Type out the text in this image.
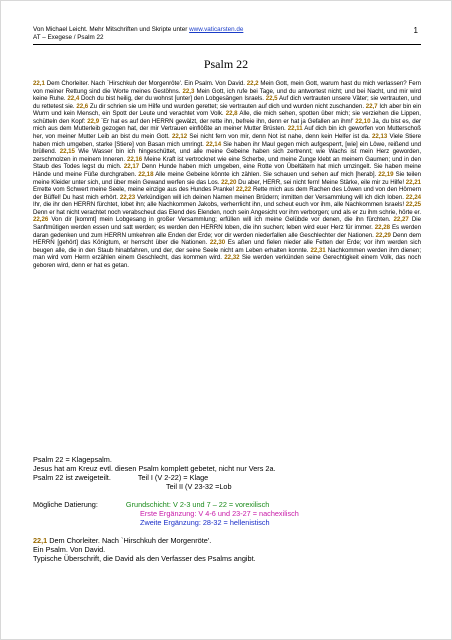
Von Michael Leicht. Mehr Mitschriften und Skripte unter www.vaticarsten.de
AT – Exegese / Psalm 22
1
Psalm 22
22,1 Dem Chorleiter. Nach `Hirschkuh der Morgenröte'. Ein Psalm. Von David. 22,2 Mein Gott, mein Gott, warum hast du mich verlassen? Fern von meiner Rettung sind die Worte meines Gestöhns. 22,3 Mein Gott, ich rufe bei Tage, und du antwortest nicht; und bei Nacht, und mir wird keine Ruhe. 22,4 Doch du bist heilig, der du wohnst [unter] den Lobgesängen Israels. 22,5 Auf dich vertrauten unsere Väter; sie vertrauten, und du rettetest sie. 22,6 Zu dir schrien sie um Hilfe und wurden gerettet; sie vertrauten auf dich und wurden nicht zuschanden. 22,7 Ich aber bin ein Wurm und kein Mensch, ein Spott der Leute und verachtet vom Volk. 22,8 Alle, die mich sehen, spotten über mich; sie verziehen die Lippen, schütteln den Kopf: 22,9 `Er hat es auf den HERRN gewälzt, der rette ihn, befreie ihn, denn er hat ja Gefallen an ihm!' 22,10 Ja, du bist es, der mich aus dem Mutterleib gezogen hat, der mir Vertrauen einflößte an meiner Mutter Brüsten. 22,11 Auf dich bin ich geworfen von Mutterschoß her, von meiner Mutter Leib an bist du mein Gott. 22,12 Sei nicht fern von mir, denn Not ist nahe, denn kein Helfer ist da. 22,13 Viele Stiere haben mich umgeben, starke [Stiere] von Basan mich umringt. 22,14 Sie haben ihr Maul gegen mich aufgesperrt, [wie] ein Löwe, reißend und brüllend. 22,15 Wie Wasser bin ich hingeschüttet, und alle meine Gebeine haben sich zertrennt; wie Wachs ist mein Herz geworden, zerschmolzen in meinem Inneren. 22,16 Meine Kraft ist vertrocknet wie eine Scherbe, und meine Zunge klebt an meinem Gaumen; und in den Staub des Todes legst du mich. 22,17 Denn Hunde haben mich umgeben, eine Rotte von Übeltätern hat mich umzingelt. Sie haben meine Hände und meine Füße durchgraben. 22,18 Alle meine Gebeine könnte ich zählen. Sie schauen und sehen auf mich [herab]. 22,19 Sie teilen meine Kleider unter sich, und über mein Gewand werfen sie das Los. 22,20 Du aber, HERR, sei nicht fern! Meine Stärke, eile mir zu Hilfe! 22,21 Errette vom Schwert meine Seele, meine einzige aus des Hundes Pranke! 22,22 Rette mich aus dem Rachen des Löwen und von den Hörnern der Büffel! Du hast mich erhört. 22,23 Verkündigen will ich deinen Namen meinen Brüdern; inmitten der Versammlung will ich dich loben. 22,24 Ihr, die ihr den HERRN fürchtet, lobet ihn; alle Nachkommen Jakobs, verherrlicht ihn, und scheut euch vor ihm, alle Nachkommen Israels! 22,25 Denn er hat nicht verachtet noch verabscheut das Elend des Elenden, noch sein Angesicht vor ihm verborgen; und als er zu ihm schrie, hörte er. 22,26 Von dir [kommt] mein Lobgesang in großer Versammlung; erfüllen will ich meine Gelübde vor denen, die ihn fürchten. 22,27 Die Sanftmütigen werden essen und satt werden; es werden den HERRN loben, die ihn suchen; leben wird euer Herz für immer. 22,28 Es werden daran gedenken und zum HERRN umkehren alle Enden der Erde; vor dir werden niederfallen alle Geschlechter der Nationen. 22,29 Denn dem HERRN [gehört] das Königtum, er herrscht über die Nationen. 22,30 Es aßen und fielen nieder alle Fetten der Erde; vor ihm werden sich beugen alle, die in den Staub hinabfahren, und der, der seine Seele nicht am Leben erhalten konnte. 22,31 Nachkommen werden ihm dienen; man wird vom Herrn erzählen einem Geschlecht, das kommen wird. 22,32 Sie werden verkünden seine Gerechtigkeit einem Volk, das noch geboren wird, denn er hat es getan.
Psalm 22 = Klagepsalm.
Jesus hat am Kreuz evtl. diesen Psalm komplett gebetet, nicht nur Vers 2a.
Psalm 22 ist zweigeteilt.	Teil I (V 2-22) = Klage
Teil II (V 23-32 =Lob
Mögliche Datierung:	Grundschicht: V 2-3 und 7 – 22 = vorexilisch
Erste Ergänzung: V 4-6 und 23-27 = nachexilisch
Zweite Ergänzung: 28-32 = hellenistisch
22,1 Dem Chorleiter. Nach `Hirschkuh der Morgenröte'.
Ein Psalm. Von David.
Typische Überschrift, die David als den Verfasser des Psalms angibt.
